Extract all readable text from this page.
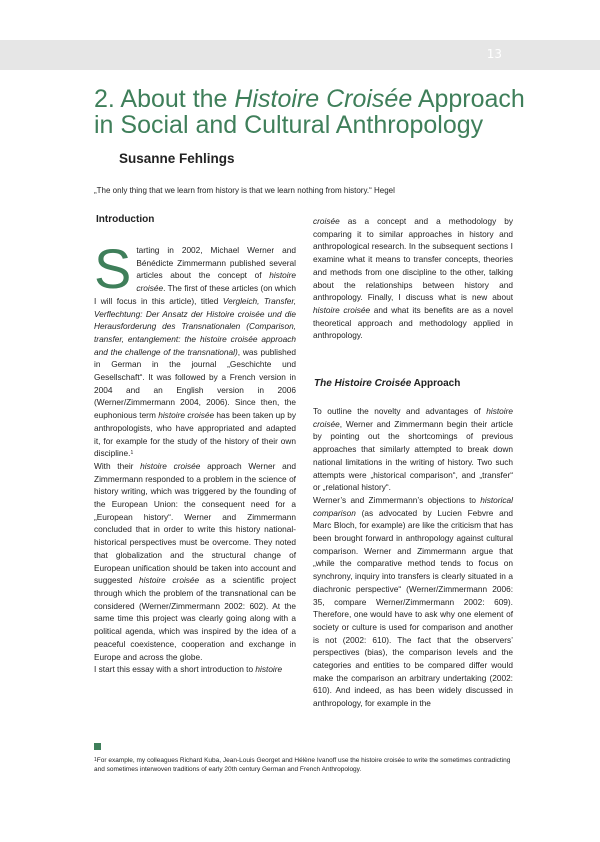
13
2. About the Histoire Croisée Approach in Social and Cultural Anthropology
Susanne Fehlings
„The only thing that we learn from history is that we learn nothing from history.“ Hegel
Introduction

Starting in 2002, Michael Werner and Bénédicte Zimmermann published several articles about the concept of histoire croisée. The first of these articles (on which I will focus in this article), titled Vergleich, Transfer, Verflechtung: Der Ansatz der Histoire croisée und die Herausforderung des Transnationalen (Comparison, transfer, entanglement: the histoire croisée approach and the challenge of the transnational), was published in German in the journal „Geschichte und Gesellschaft“. It was followed by a French version in 2004 and an English version in 2006 (Werner/Zimmermann 2004, 2006). Since then, the euphonious term histoire croisée has been taken up by anthropologists, who have appropriated and adapted it, for example for the study of the history of their own discipline.$^1$

With their histoire croisée approach Werner and Zimmermann responded to a problem in the science of history writing, which was triggered by the founding of the European Union: the consequent need for a „European history“. Werner and Zimmermann concluded that in order to write this history national-historical perspectives must be overcome. They noted that globalization and the structural change of European unification should be taken into account and suggested histoire croisée as a scientific project through which the problem of the transnational can be considered (Werner/Zimmermann 2002: 602). At the same time this project was clearly going along with a political agenda, which was inspired by the idea of a peaceful coexistence, cooperation and exchange in Europe and across the globe.

I start this essay with a short introduction to histoire

croisée as a concept and a methodology by comparing it to similar approaches in history and anthropological research. In the subsequent sections I examine what it means to transfer concepts, theories and methods from one discipline to the other, talking about the relationships between history and anthropology. Finally, I discuss what is new about histoire croisée and what its benefits are as a novel theoretical approach and methodology applied in anthropology.

The Histoire Croisée Approach

To outline the novelty and advantages of histoire croisée, Werner and Zimmermann begin their article by pointing out the shortcomings of previous approaches that similarly attempted to break down national limitations in the writing of history. Two such attempts were „historical comparison“, and „transfer“ or „relational history“.

Werner’s and Zimmermann’s objections to historical comparison (as advocated by Lucien Febvre and Marc Bloch, for example) are like the criticism that has been brought forward in anthropology against cultural comparison. Werner and Zimmermann argue that „while the comparative method tends to focus on synchrony, inquiry into transfers is clearly situated in a diachronic perspective“ (Werner/Zimmermann 2006: 35, compare Werner/Zimmermann 2002: 609). Therefore, one would have to ask why one element of society or culture is used for comparison and another is not (2002: 610). The fact that the observers’ perspectives (bias), the comparison levels and the categories and entities to be compared differ would make the comparison an arbitrary undertaking (2002: 610). And indeed, as has been widely discussed in anthropology, for example in the

$^1$For example, my colleagues Richard Kuba, Jean-Louis Georget and Hélène Ivanoff use the histoire croisée to write the sometimes contradicting and sometimes interwoven traditions of early 20th century German and French Anthropology.
